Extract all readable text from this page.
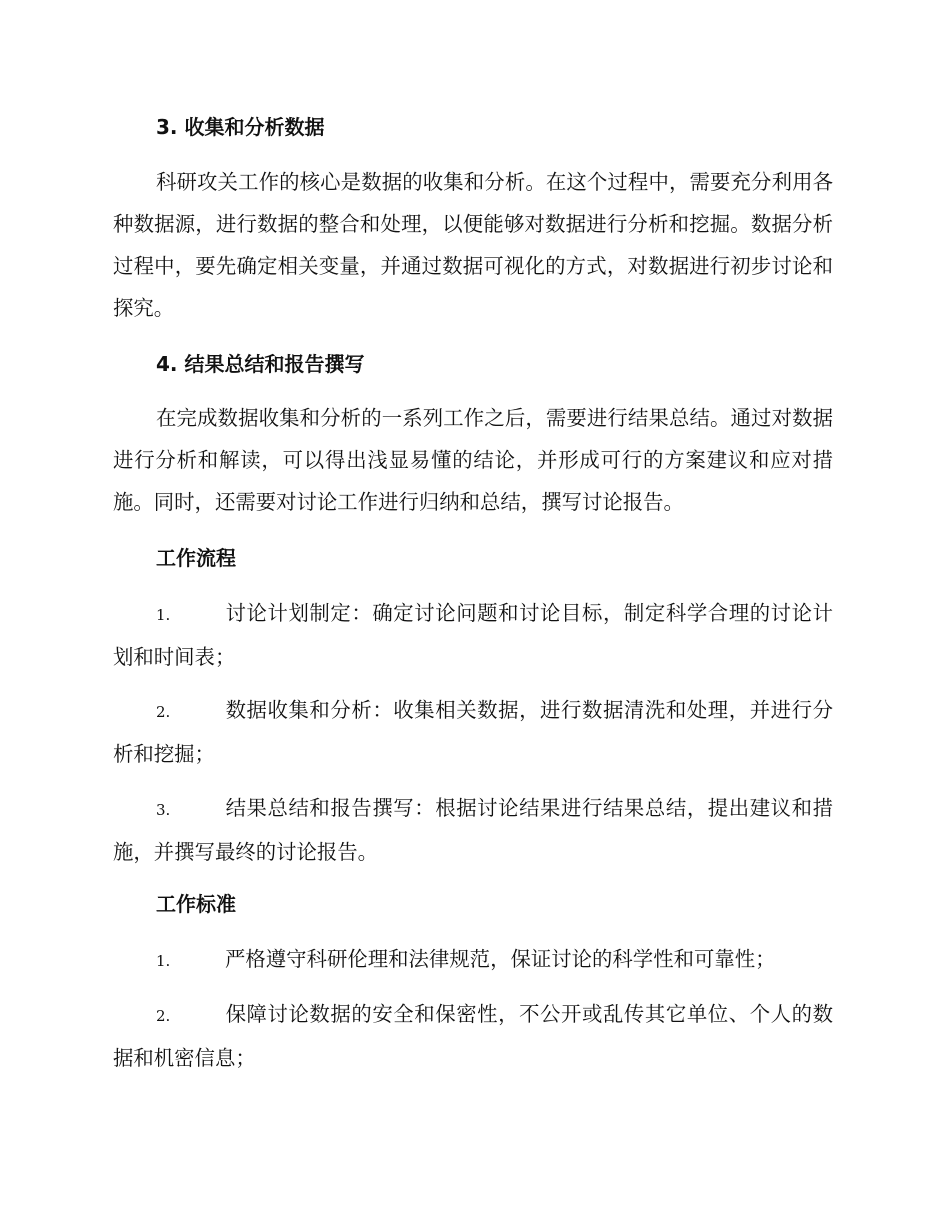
3. 收集和分析数据

科研攻关工作的核心是数据的收集和分析。在这个过程中，需要充分利用各种数据源，进行数据的整合和处理，以便能够对数据进行分析和挖掘。数据分析过程中，要先确定相关变量，并通过数据可视化的方式，对数据进行初步讨论和探究。

4. 结果总结和报告撰写

在完成数据收集和分析的一系列工作之后，需要进行结果总结。通过对数据进行分析和解读，可以得出浅显易懂的结论，并形成可行的方案建议和应对措施。同时，还需要对讨论工作进行归纳和总结，撰写讨论报告。

工作流程

1.	讨论计划制定：确定讨论问题和讨论目标，制定科学合理的讨论计划和时间表；

2.	数据收集和分析：收集相关数据，进行数据清洗和处理，并进行分析和挖掘；

3.	结果总结和报告撰写：根据讨论结果进行结果总结，提出建议和措施，并撰写最终的讨论报告。

工作标准

1.	严格遵守科研伦理和法律规范，保证讨论的科学性和可靠性；

2.	保障讨论数据的安全和保密性，不公开或乱传其它单位、个人的数据和机密信息；
